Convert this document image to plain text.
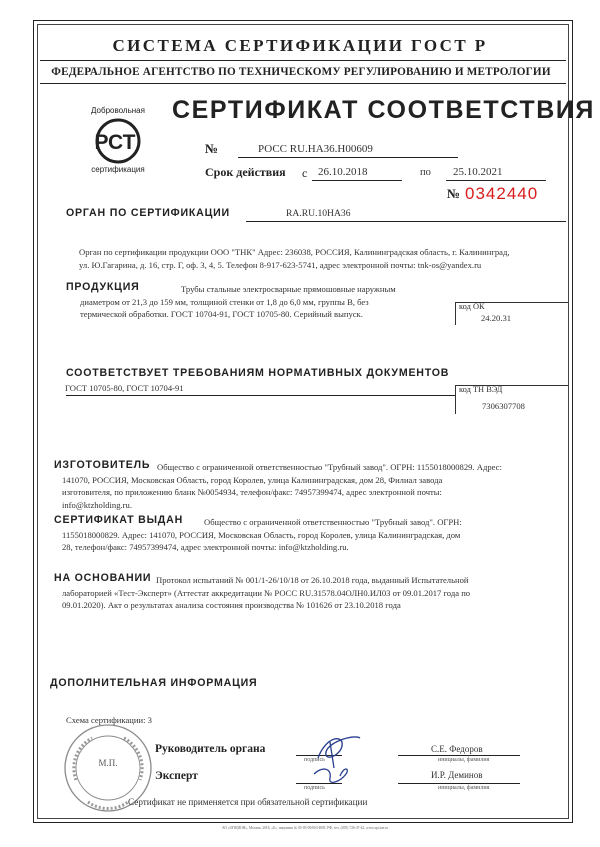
СИСТЕМА СЕРТИФИКАЦИИ ГОСТ Р
ФЕДЕРАЛЬНОЕ АГЕНТСТВО ПО ТЕХНИЧЕСКОМУ РЕГУЛИРОВАНИЮ И МЕТРОЛОГИИ
Добровольная
РСТ
сертификация
СЕРТИФИКАТ СООТВЕТСТВИЯ
№	РОСС RU.НА36.Н00609
Срок действия с 26.10.2018	по 25.10.2021
№ 0342440
ОРГАН ПО СЕРТИФИКАЦИИ	RA.RU.10НА36
Орган по сертификации продукции ООО "ТНК" Адрес: 236038, РОССИЯ, Калининградская область, г. Калининград,
ул. Ю.Гагарина, д. 16, стр. Г, оф. 3, 4, 5. Телефон 8-917-623-5741, адрес электронной почты: tnk-os@yandex.ru
ПРОДУКЦИЯ	Трубы стальные электросварные прямошовные наружным
диаметром от 21,3 до 159 мм, толщиной стенки от 1,8 до 6,0 мм, группы В, без
термической обработки. ГОСТ 10704-91, ГОСТ 10705-80. Серийный выпуск.
код ОК
24.20.31
СООТВЕТСТВУЕТ ТРЕБОВАНИЯМ НОРМАТИВНЫХ ДОКУМЕНТОВ
ГОСТ 10705-80, ГОСТ 10704-91	код ТН ВЭД
7306307708
ИЗГОТОВИТЕЛЬ Общество с ограниченной ответственностью "Трубный завод". ОГРН: 1155018000829. Адрес:
141070, РОССИЯ, Московская Область, город Королев, улица Калининградская, дом 28, Филиал завода
изготовителя, по приложению бланк №0054934, телефон/факс: 74957399474, адрес электронной почты:
info@ktzholding.ru.
СЕРТИФИКАТ ВЫДАН	Общество с ограниченной ответственностью "Трубный завод". ОГРН:
1155018000829. Адрес: 141070, РОССИЯ, Московская Область, город Королев, улица Калининградская, дом
28, телефон/факс: 74957399474, адрес электронной почты: info@ktzholding.ru.
НА ОСНОВАНИИ Протокол испытаний № 001/1-26/10/18 от 26.10.2018 года, выданный Испытательной
лабораторией «Тест-Эксперт» (Аттестат аккредитации № РОСС RU.31578.04ОЛН0.ИЛ03 от 09.01.2017 года по
09.01.2020). Акт о результатах анализа состояния производства № 101626 от 23.10.2018 года
ДОПОЛНИТЕЛЬНАЯ ИНФОРМАЦИЯ
Схема сертификации: 3
М.П.
Руководитель органа
подпись
С.Е. Федоров
инициалы, фамилия
Эксперт
подпись
И.Р. Деминов
инициалы, фамилия
Сертификат не применяется при обязательной сертификации
АО «ОПЦИОН», Москва, 2018, «Б», лицензия № 05-05-09/003 ФНС РФ, тел. (495) 726-47-42, www.opcion.ru
